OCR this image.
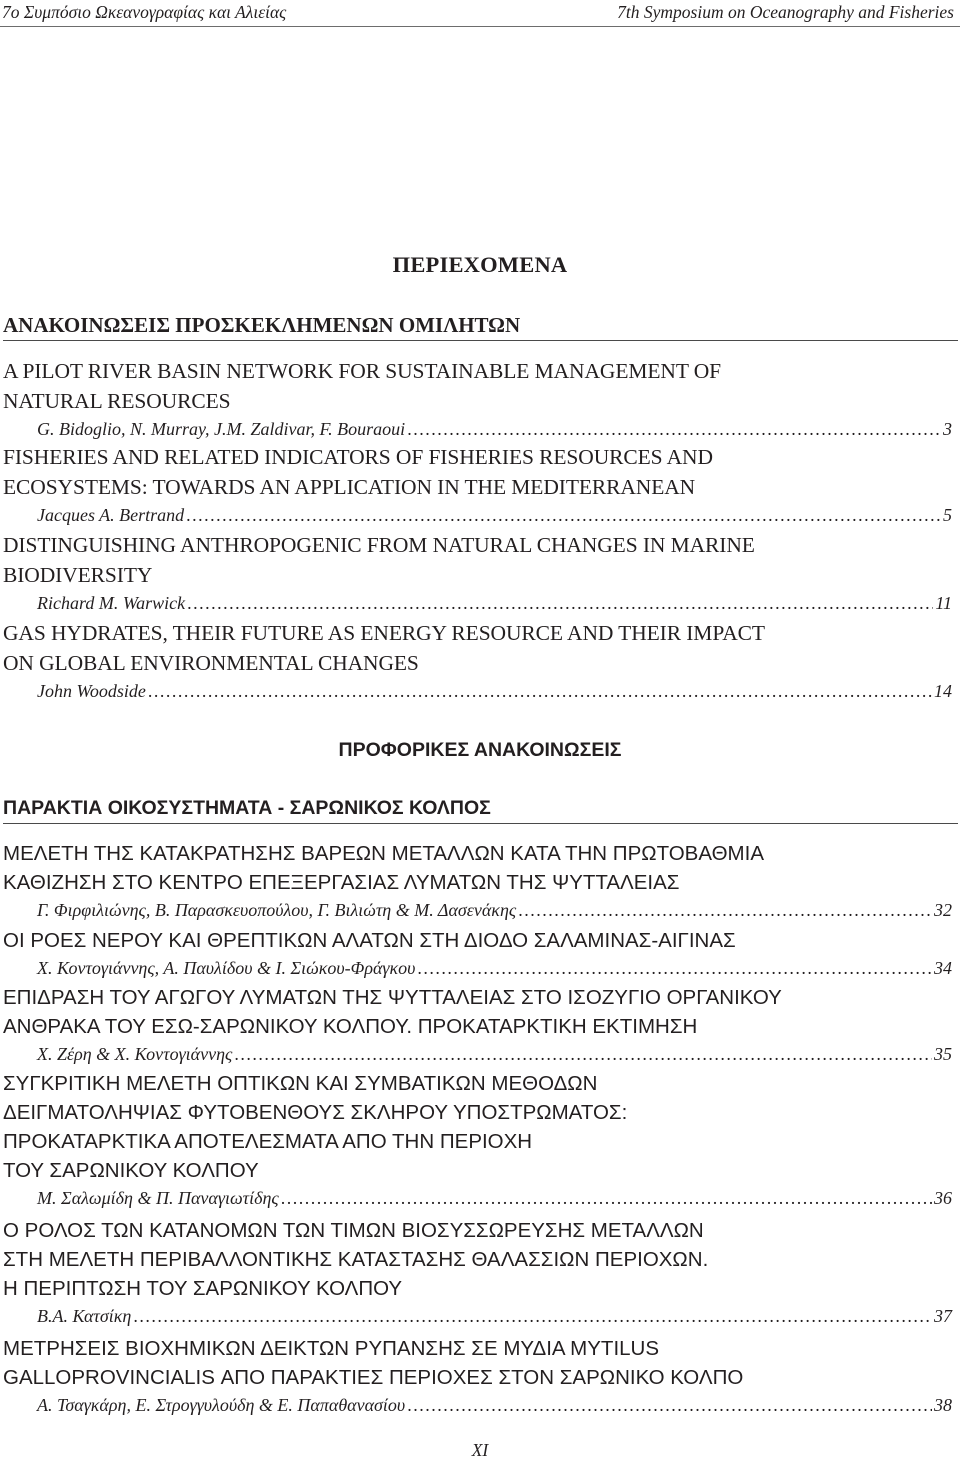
7ο Συμπόσιο Ωκεανογραφίας και Αλιείας	7th Symposium on Oceanography and Fisheries
ΠΕΡΙΕΧΟΜΕΝΑ
ΑΝΑΚΟΙΝΩΣΕΙΣ ΠΡΟΣΚΕΚΛΗΜΕΝΩΝ ΟΜΙΛΗΤΩΝ
A PILOT RIVER BASIN NETWORK FOR SUSTAINABLE MANAGEMENT OF
NATURAL RESOURCES
G. Bidoglio, N. Murray, J.M. Zaldivar, F. Bouraoui .....	3
FISHERIES AND RELATED INDICATORS OF FISHERIES RESOURCES AND
ECOSYSTEMS: TOWARDS AN APPLICATION IN THE MEDITERRANEAN
Jacques A. Bertrand .....	5
DISTINGUISHING ANTHROPOGENIC FROM NATURAL CHANGES IN MARINE
BIODIVERSITY
Richard M. Warwick .....	11
GAS HYDRATES, THEIR FUTURE AS ENERGY RESOURCE AND THEIR IMPACT
ON GLOBAL ENVIRONMENTAL CHANGES
John Woodside .....	14
ΠΡΟΦΟΡΙΚΕΣ ΑΝΑΚΟΙΝΩΣΕΙΣ
ΠΑΡΑΚΤΙΑ ΟΙΚΟΣΥΣΤΗΜΑΤΑ - ΣΑΡΩΝΙΚΟΣ ΚΟΛΠΟΣ
ΜΕΛΕΤΗ ΤΗΣ ΚΑΤΑΚΡΑΤΗΣΗΣ ΒΑΡΕΩΝ ΜΕΤΑΛΛΩΝ ΚΑΤΑ ΤΗΝ ΠΡΩΤΟΒΑΘΜΙΑ
ΚΑΘΙΖΗΣΗ ΣΤΟ ΚΕΝΤΡΟ ΕΠΕΞΕΡΓΑΣΙΑΣ ΛΥΜΑΤΩΝ ΤΗΣ ΨΥΤΤΑΛΕΙΑΣ
Γ. Φιρφιλιώνης, Β. Παρασκευοπούλου, Γ. Βιλιώτη & Μ. Δασενάκης .....	32
ΟΙ ΡΟΕΣ ΝΕΡΟΥ ΚΑΙ ΘΡΕΠΤΙΚΩΝ ΑΛΑΤΩΝ ΣΤΗ ΔΙΟΔΟ ΣΑΛΑΜΙΝΑΣ-ΑΙΓΙΝΑΣ
Χ. Κοντογιάννης, Α. Παυλίδου & Ι. Σιώκου-Φράγκου .....	34
ΕΠΙΔΡΑΣΗ ΤΟΥ ΑΓΩΓΟΥ ΛΥΜΑΤΩΝ ΤΗΣ ΨΥΤΤΑΛΕΙΑΣ ΣΤΟ ΙΣΟΖΥΓΙΟ ΟΡΓΑΝΙΚΟΥ
ΑΝΘΡΑΚΑ ΤΟΥ ΕΣΩ-ΣΑΡΩΝΙΚΟΥ ΚΟΛΠΟΥ. ΠΡΟΚΑΤΑΡΚΤΙΚΗ ΕΚΤΙΜΗΣΗ
Χ. Ζέρη & Χ. Κοντογιάννης .....	35
ΣΥΓΚΡΙΤΙΚΗ ΜΕΛΕΤΗ ΟΠΤΙΚΩΝ ΚΑΙ ΣΥΜΒΑΤΙΚΩΝ ΜΕΘΟΔΩΝ
ΔΕΙΓΜΑΤΟΛΗΨΙΑΣ ΦΥΤΟΒΕΝΘΟΥΣ ΣΚΛΗΡΟΥ ΥΠΟΣΤΡΩΜΑΤΟΣ:
ΠΡΟΚΑΤΑΡΚΤΙΚΑ ΑΠΟΤΕΛΕΣΜΑΤΑ ΑΠΟ ΤΗΝ ΠΕΡΙΟΧΗ
ΤΟΥ ΣΑΡΩΝΙΚΟΥ ΚΟΛΠΟΥ
Μ. Σαλωμίδη & Π. Παναγιωτίδης .....	36
Ο ΡΟΛΟΣ ΤΩΝ ΚΑΤΑΝΟΜΩΝ ΤΩΝ ΤΙΜΩΝ ΒΙΟΣΥΣΣΩΡΕΥΣΗΣ ΜΕΤΑΛΛΩΝ
ΣΤΗ ΜΕΛΕΤΗ ΠΕΡΙΒΑΛΛΟΝΤΙΚΗΣ ΚΑΤΑΣΤΑΣΗΣ ΘΑΛΑΣΣΙΩΝ ΠΕΡΙΟΧΩΝ.
Η ΠΕΡΙΠΤΩΣΗ ΤΟΥ ΣΑΡΩΝΙΚΟΥ ΚΟΛΠΟΥ
Β.Α. Κατσίκη .....	37
ΜΕΤΡΗΣΕΙΣ ΒΙΟΧΗΜΙΚΩΝ ΔΕΙΚΤΩΝ ΡΥΠΑΝΣΗΣ ΣΕ ΜΥΔΙΑ MYTILUS
GALLOPROVINCIALIS ΑΠΟ ΠΑΡΑΚΤΙΕΣ ΠΕΡΙΟΧΕΣ ΣΤΟΝ ΣΑΡΩΝΙΚΟ ΚΟΛΠΟ
Α. Τσαγκάρη, Ε. Στρογγυλούδη & Ε. Παπαθανασίου .....	38
XI
